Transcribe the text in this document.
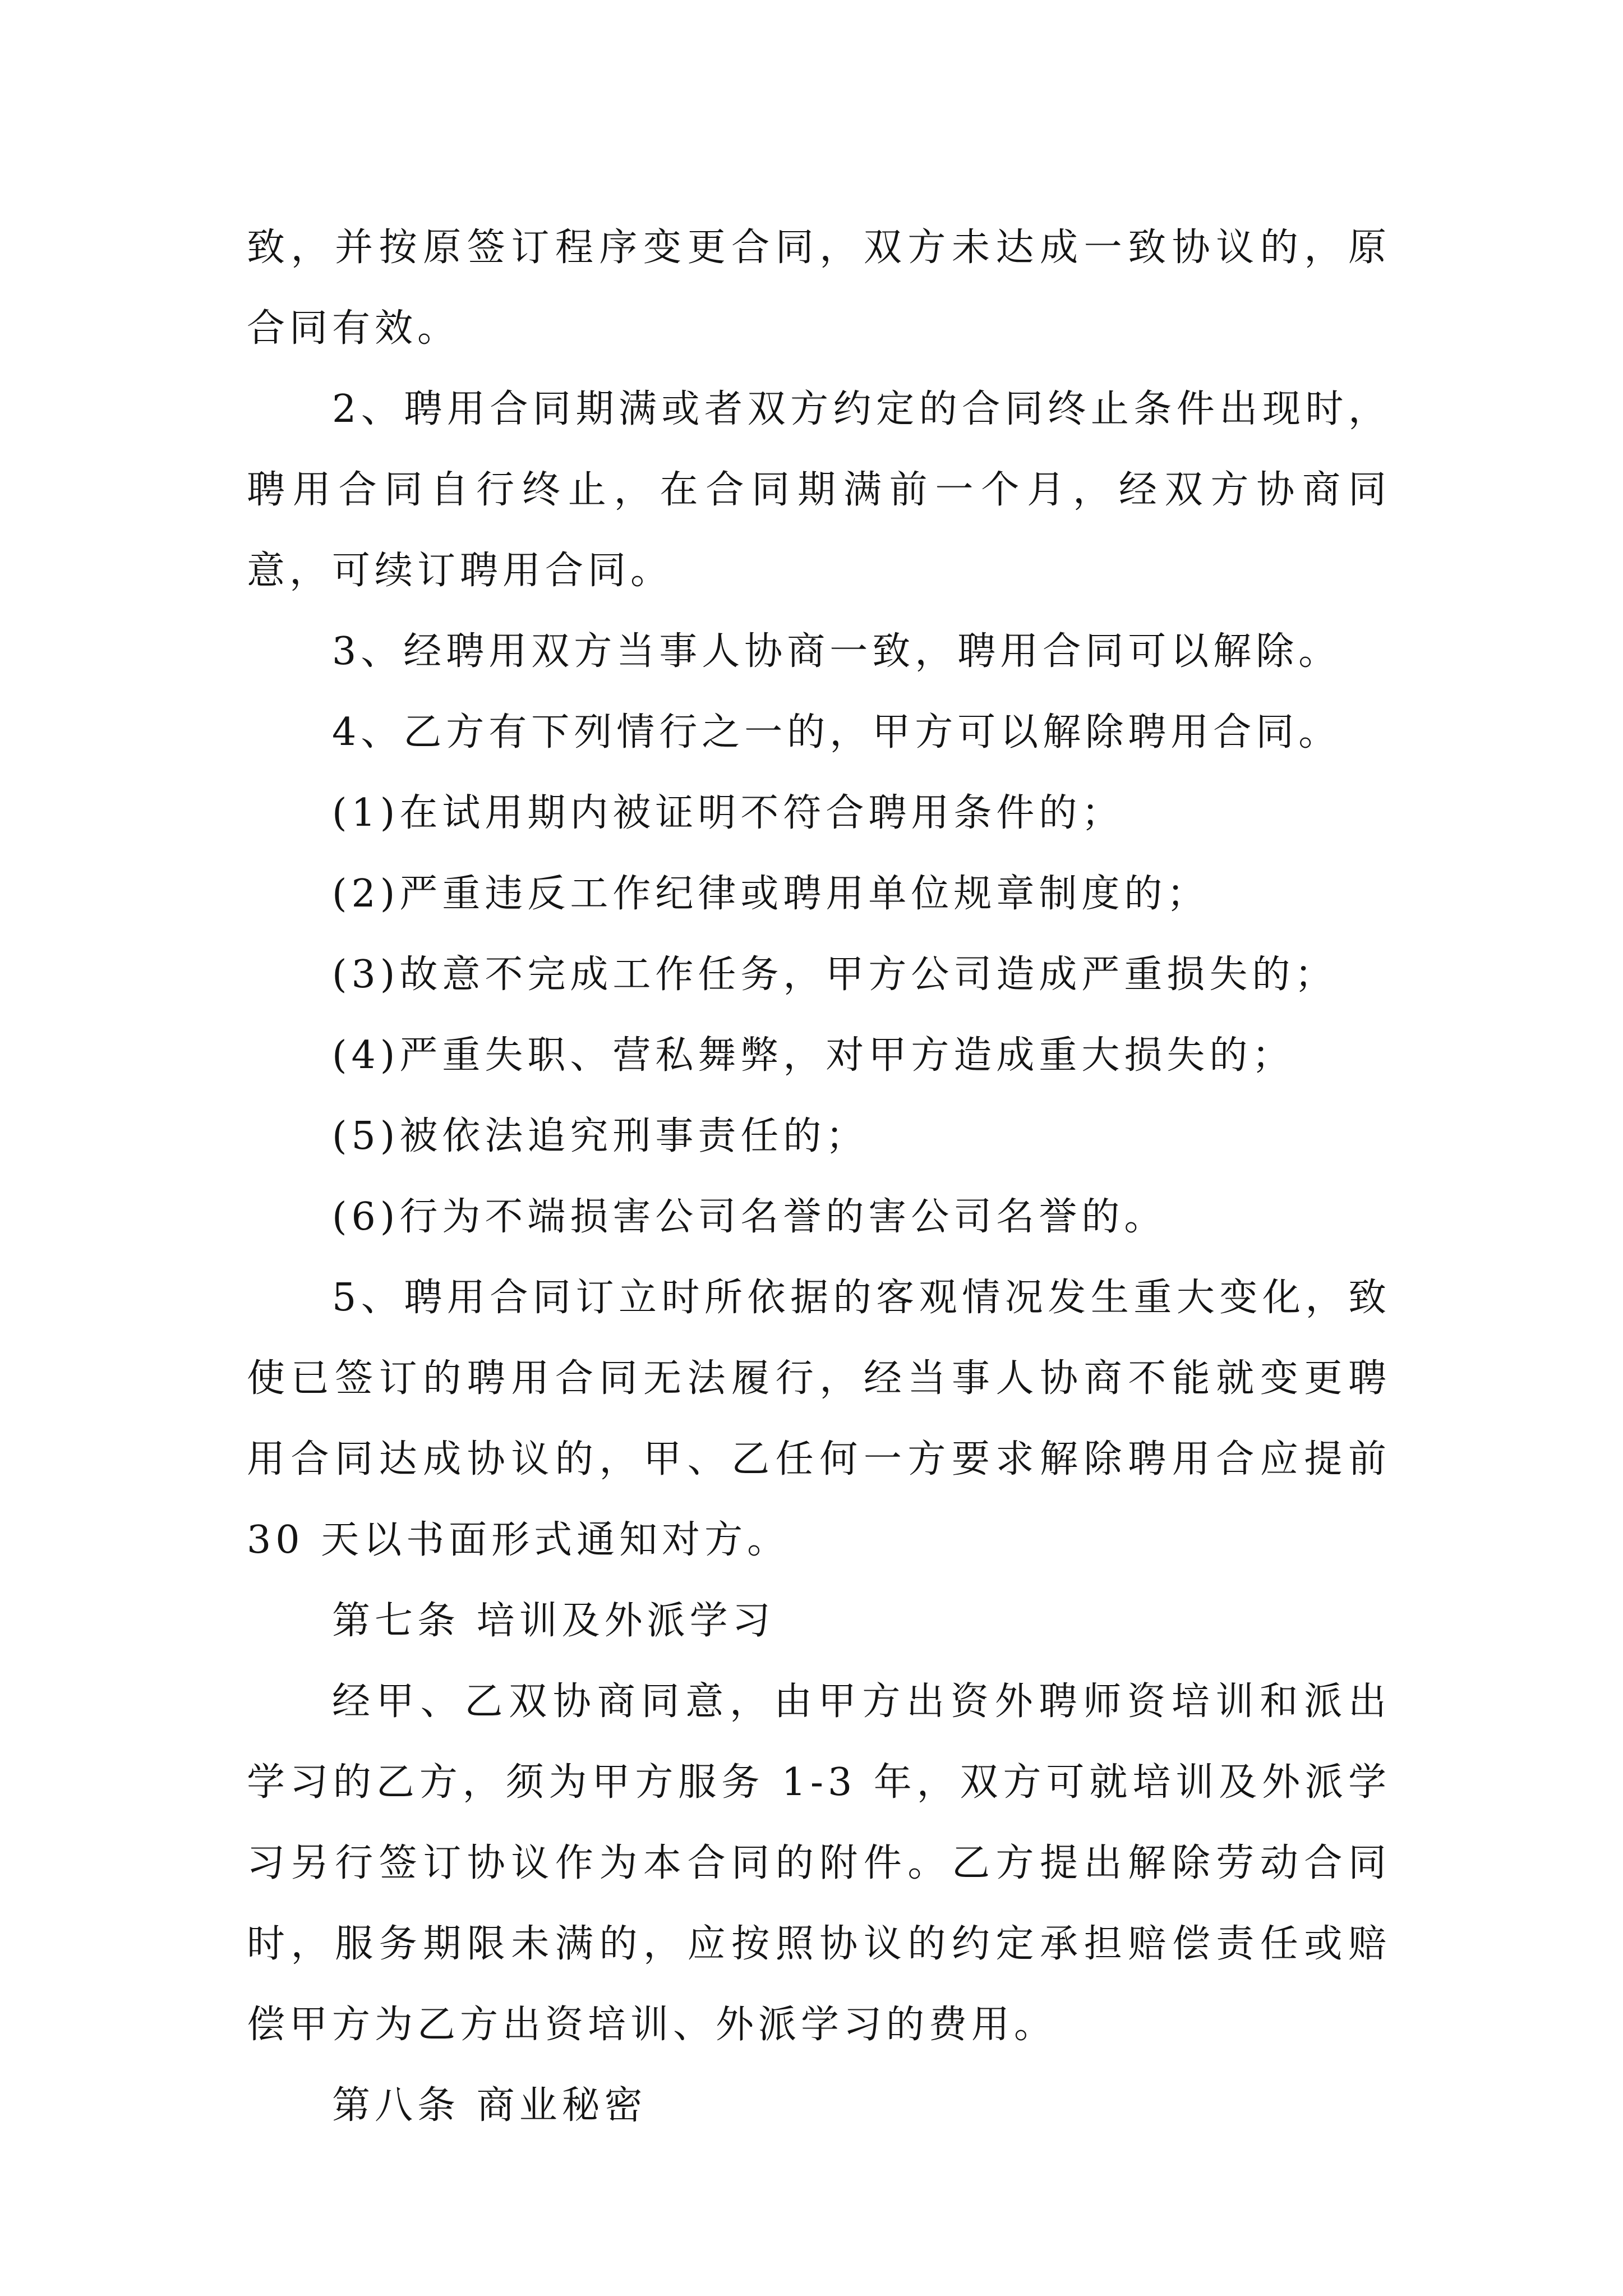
致，并按原签订程序变更合同，双方未达成一致协议的，原合同有效。

2、聘用合同期满或者双方约定的合同终止条件出现时，聘用合同自行终止，在合同期满前一个月，经双方协商同意，可续订聘用合同。

3、经聘用双方当事人协商一致，聘用合同可以解除。

4、乙方有下列情行之一的，甲方可以解除聘用合同。

(1)在试用期内被证明不符合聘用条件的；

(2)严重违反工作纪律或聘用单位规章制度的；

(3)故意不完成工作任务，甲方公司造成严重损失的；

(4)严重失职、营私舞弊，对甲方造成重大损失的；

(5)被依法追究刑事责任的；

(6)行为不端损害公司名誉的害公司名誉的。

5、聘用合同订立时所依据的客观情况发生重大变化，致使已签订的聘用合同无法履行，经当事人协商不能就变更聘用合同达成协议的，甲、乙任何一方要求解除聘用合应提前 30 天以书面形式通知对方。

第七条 培训及外派学习

经甲、乙双协商同意，由甲方出资外聘师资培训和派出学习的乙方，须为甲方服务 1-3 年，双方可就培训及外派学习另行签订协议作为本合同的附件。乙方提出解除劳动合同时，服务期限未满的，应按照协议的约定承担赔偿责任或赔偿甲方为乙方出资培训、外派学习的费用。

第八条 商业秘密
